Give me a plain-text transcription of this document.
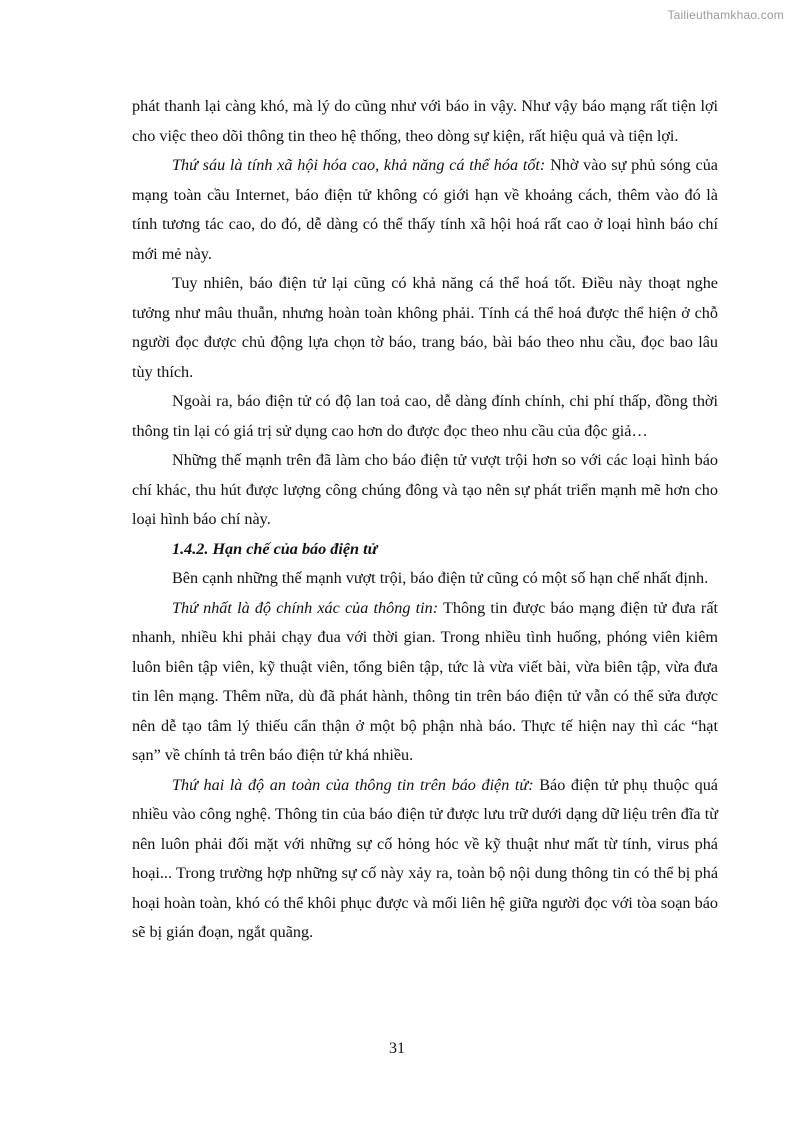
Tailieuthamkhao.com

phát thanh lại càng khó, mà lý do cũng như với báo in vậy. Như vậy báo mạng rất tiện lợi cho việc theo dõi thông tin theo hệ thống, theo dòng sự kiện, rất hiệu quả và tiện lợi.

Thứ sáu là tính xã hội hóa cao, khả năng cá thể hóa tốt: Nhờ vào sự phủ sóng của mạng toàn cầu Internet, báo điện tử không có giới hạn về khoảng cách, thêm vào đó là tính tương tác cao, do đó, dễ dàng có thể thấy tính xã hội hoá rất cao ở loại hình báo chí mới mẻ này.

Tuy nhiên, báo điện tử lại cũng có khả năng cá thể hoá tốt. Điều này thoạt nghe tưởng như mâu thuẫn, nhưng hoàn toàn không phải. Tính cá thể hoá được thể hiện ở chỗ người đọc được chủ động lựa chọn tờ báo, trang báo, bài báo theo nhu cầu, đọc bao lâu tùy thích.

Ngoài ra, báo điện tử có độ lan toả cao, dễ dàng đính chính, chi phí thấp, đồng thời thông tin lại có giá trị sử dụng cao hơn do được đọc theo nhu cầu của độc giả…

Những thế mạnh trên đã làm cho báo điện tử vượt trội hơn so với các loại hình báo chí khác, thu hút được lượng công chúng đông và tạo nên sự phát triển mạnh mẽ hơn cho loại hình báo chí này.

1.4.2. Hạn chế của báo điện tử

Bên cạnh những thế mạnh vượt trội, báo điện tử cũng có một số hạn chế nhất định.

Thứ nhất là độ chính xác của thông tin: Thông tin được báo mạng điện tử đưa rất nhanh, nhiều khi phải chạy đua với thời gian. Trong nhiều tình huống, phóng viên kiêm luôn biên tập viên, kỹ thuật viên, tổng biên tập, tức là vừa viết bài, vừa biên tập, vừa đưa tin lên mạng. Thêm nữa, dù đã phát hành, thông tin trên báo điện tử vẫn có thể sửa được nên dễ tạo tâm lý thiếu cẩn thận ở một bộ phận nhà báo. Thực tế hiện nay thì các “hạt sạn” về chính tả trên báo điện tử khá nhiều.

Thứ hai là độ an toàn của thông tin trên báo điện tử: Báo điện tử phụ thuộc quá nhiều vào công nghệ. Thông tin của báo điện tử được lưu trữ dưới dạng dữ liệu trên đĩa từ nên luôn phải đối mặt với những sự cố hỏng hóc về kỹ thuật như mất từ tính, virus phá hoại... Trong trường hợp những sự cố này xảy ra, toàn bộ nội dung thông tin có thể bị phá hoại hoàn toàn, khó có thể khôi phục được và mối liên hệ giữa người đọc với tòa soạn báo sẽ bị gián đoạn, ngắt quãng.

31
